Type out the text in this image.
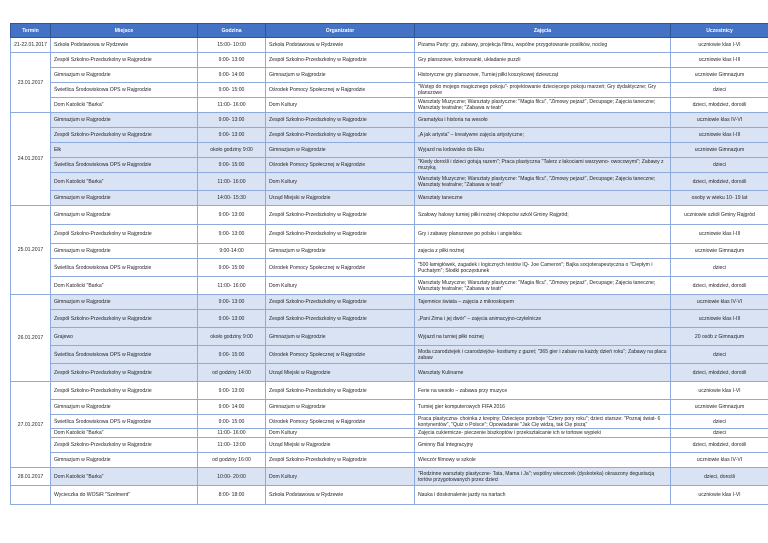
Termin	Miejsce	Godzina	Organizator	Zajęcia	Uczestnicy
21-22.01.2017	Szkoła Podstawowa w Rydzewie	15:00- 10:00	Szkoła Podstawowa w Rydzewie	Pizama Party: gry, zabawy, projekcja filmu, wspólne przygotowanie posiłków, nocleg	uczniowie klas I-VI
23.01.2017	Zespół Szkolno-Przedszkolny w Rajgrodzie	9:00- 13:00	Zespół Szkolno-Przedszkolny w Rajgrodzie	Gry planszowe, kolorowanki, układanie puzzli	uczniowie klas I-III
	Gimnazjum w Rajgrodzie	9:00- 14:00	Gimnazjum w Rajgrodzie	Historyczne gry planszowe, Turniej piłki koszykowej dziewcząt	uczniowie Gimnazjum
	Świetlica Środowiskowa OPS w Rajgrodzie	9:00- 15:00	Ośrodek Pomocy Społecznej w Rajgrodzie	"Wstęp do mojego magicznego pokoju"- projektowanie dziecięcego pokoju marzeń; Gry dydaktyczne; Gry planszowe	dzieci
	Dom Katolicki "Barka"	11:00- 16:00	Dom Kultury	Warsztaty Muzyczne; Warsztaty plastyczne: "Magia filcu", "Zimowy pejzaż", Decupage; Zajęcia taneczne; Warsztaty teatralne; "Zabawa w teatr"	dzieci, młodzież, dorośli
24.01.2017	Gimnazjum w Rajgrodzie	9:00- 13:00	Zespół Szkolno-Przedszkolny w Rajgrodzie	Gramatyka i historia na wesoło	uczniowie klas IV-VI
	Zespół Szkolno-Przedszkolny w Rajgrodzie	9:00- 13:00	Zespół Szkolno-Przedszkolny w Rajgrodzie	„A jak artysta" – kreatywne zajęcia artystyczne;	uczniowie klas I-III
	Ełk	około godziny 9:00	Gimnazjum w Rajgrodzie	Wyjazd na lodowisko do Ełku	uczniowie Gimnazjum
	Świetlica Środowiskowa OPS w Rajgrodzie	9:00- 15:00	Ośrodek Pomocy Społecznej w Rajgrodzie	"Kiedy dorośli i dzieci gotują razem"; Praca plastyczna "Talerz z łakociami warzywno- owocowymi"; Zabawy z muzyką	dzieci
	Dom Katolicki "Barka"	11:00- 16:00	Dom Kultury	Warsztaty Muzyczne; Warsztaty plastyczne: "Magia filcu", "Zimowy pejzaż", Decupage; Zajęcia taneczne; Warsztaty teatralne; "Zabawa w teatr"	dzieci, młodzież, dorośli
	Gimnazjum w Rajgrodzie	14:00- 15:30	Urząd Miejski w Rajgrodzie	Warsztaty taneczne	osoby w wieku 10- 19 lat
25.01.2017	Gimnazjum w Rajgrodzie	9:00- 13:00	Zespół Szkolno-Przedszkolny w Rajgrodzie	Szałowy halowy turniej piłki nożnej chłopców szkół Gminy Rajgród;	uczniowie szkół Gminy Rajgród
	Zespół Szkolno-Przedszkolny w Rajgrodzie	9:00- 13:00	Zespół Szkolno-Przedszkolny w Rajgrodzie	Gry i zabawy planszowe po polsku i angielsku	uczniowie klas I-III
	Gimnazjum w Rajgrodzie	9:00-14:00	Gimnazjum w Rajgrodzie	zajęcia z piłki nożnej	uczniowie Gimnazjum
	Świetlica Środowiskowa OPS w Rajgrodzie	9:00- 15:00	Ośrodek Pomocy Społecznej w Rajgrodzie	"500 łamigłówek, zagadek i logicznych testów IQ- Joe Cameron"; Bajka socjoterapeutyczna o "Ciepłym i Puchatym"; Słodki poczęstunek	dzieci
	Dom Katolicki "Barka"	11:00- 16:00	Dom Kultury	Warsztaty Muzyczne; Warsztaty plastyczne: "Magia filcu", "Zimowy pejzaż", Decupage; Zajęcia taneczne; Warsztaty teatralne; "Zabawa w teatr"	dzieci, młodzież, dorośli
26.01.2017	Gimnazjum w Rajgrodzie	9:00- 13:00	Zespół Szkolno-Przedszkolny w Rajgrodzie	Tajemnice świata – zajęcia z mikroskopem	uczniowie klas IV-VI
	Zespół Szkolno-Przedszkolny w Rajgrodzie	9:00- 13:00	Zespół Szkolno-Przedszkolny w Rajgrodzie	„Pani Zima i jej dwór" – zajęcia animacyjno-czytelnicze	uczniowie klas I-III
	Grajewo	około godziny 9:00	Gimnazjum w Rajgrodzie	Wyjazd na turniej piłki nożnej	20 osób z Gimnazjum
	Świetlica Środowiskowa OPS w Rajgrodzie	9:00- 15:00	Ośrodek Pomocy Społecznej w Rajgrodzie	Moda czarodziejek i czarodziejów- kostiumy z gazet; "365 gier i zabaw na każdy dzień roku"; Zabawy na placu zabaw	dzieci
	Zespół Szkolno-Przedszkolny w Rajgrodzie	od godziny 14:00	Urząd Miejski w Rajgrodzie	Warsztaty Kulinarne	dzieci, młodzież, dorośli
27.01.2017	Zespół Szkolno-Przedszkolny w Rajgrodzie	9:00- 13:00	Zespół Szkolno-Przedszkolny w Rajgrodzie	Ferie na wesoło – zabawa przy muzyce	uczniowie klas I-VI
	Gimnazjum w Rajgrodzie	9:00- 14:00	Gimnazjum w Rajgrodzie	Turniej gier komputerowych FIFA 2016	uczniowie Gimnazjum
	Świetlica Środowiskowa OPS w Rajgrodzie	9:00- 15:00	Ośrodek Pomocy Społecznej w Rajgrodzie	Praca plastyczna- choinka z krepiny; Dziecięce przeboje "Cztery pory roku"; dzieci starsze: "Poznaj świat- 6 kontynentów", "Quiz o Polsce"; Opowiadanie "Jak Cię widzą, tak Cię piszą"	dzieci
	Dom Katolicki "Barka"	11:00- 16:00	Dom Kultury	Zajęcia cukiernicze- pieczenie biszkoptów i przekształcanie ich w tortowe wypieki	dzieci
	Zespół Szkolno-Przedszkolny w Rajgrodzie	11:00- 13:00	Urząd Miejski w Rajgrodzie	Gminny Bal Integracyjny	dzieci, młodzież, dorośli
	Gimnazjum w Rajgrodzie	od godziny 16:00	Zespół Szkolno-Przedszkolny w Rajgrodzie	Wieczór filmowy w szkole	uczniowie klas IV-VI
28.01.2017	Dom Katolicki "Barka"	10:00- 20:00	Dom Kultury	"Rodzinne warsztaty plastyczne- Tata, Mama i Ja"; wspólny wieczorek (dyskoteka) okraszony degustacją tortów przygotowanych przez dzieci	dzieci, dorośli
	Wycieczka do WOSiR "Szelment"	8:00- 18:00	Szkoła Podstawowa w Rydzewie	Nauka i doskonalenie jazdy na nartach	uczniowie klas I-VI
